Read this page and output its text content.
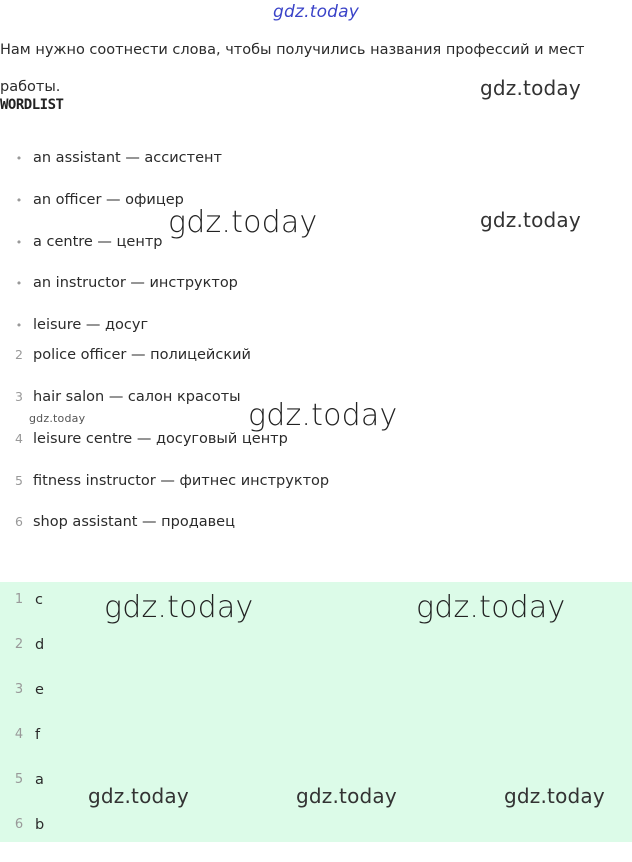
gdz.today
Нам нужно соотнести слова, чтобы получились названия профессий и мест работы.	gdz.today
WORDLIST
• an assistant — ассистент
• an officer — офицер
• a centre — центр
• an instructor — инструктор
• leisure — досуг
2 police officer — полицейский
3 hair salon — салон красоты
4 leisure centre — досуговый центр
5 fitness instructor — фитнес инструктор
6 shop assistant — продавец
gdz.today	gdz.today
gdz.today	gdz.today
1 c
2 d
3 e
4 f
5 a
6 b
gdz.today	gdz.today
gdz.today	gdz.today	gdz.today
